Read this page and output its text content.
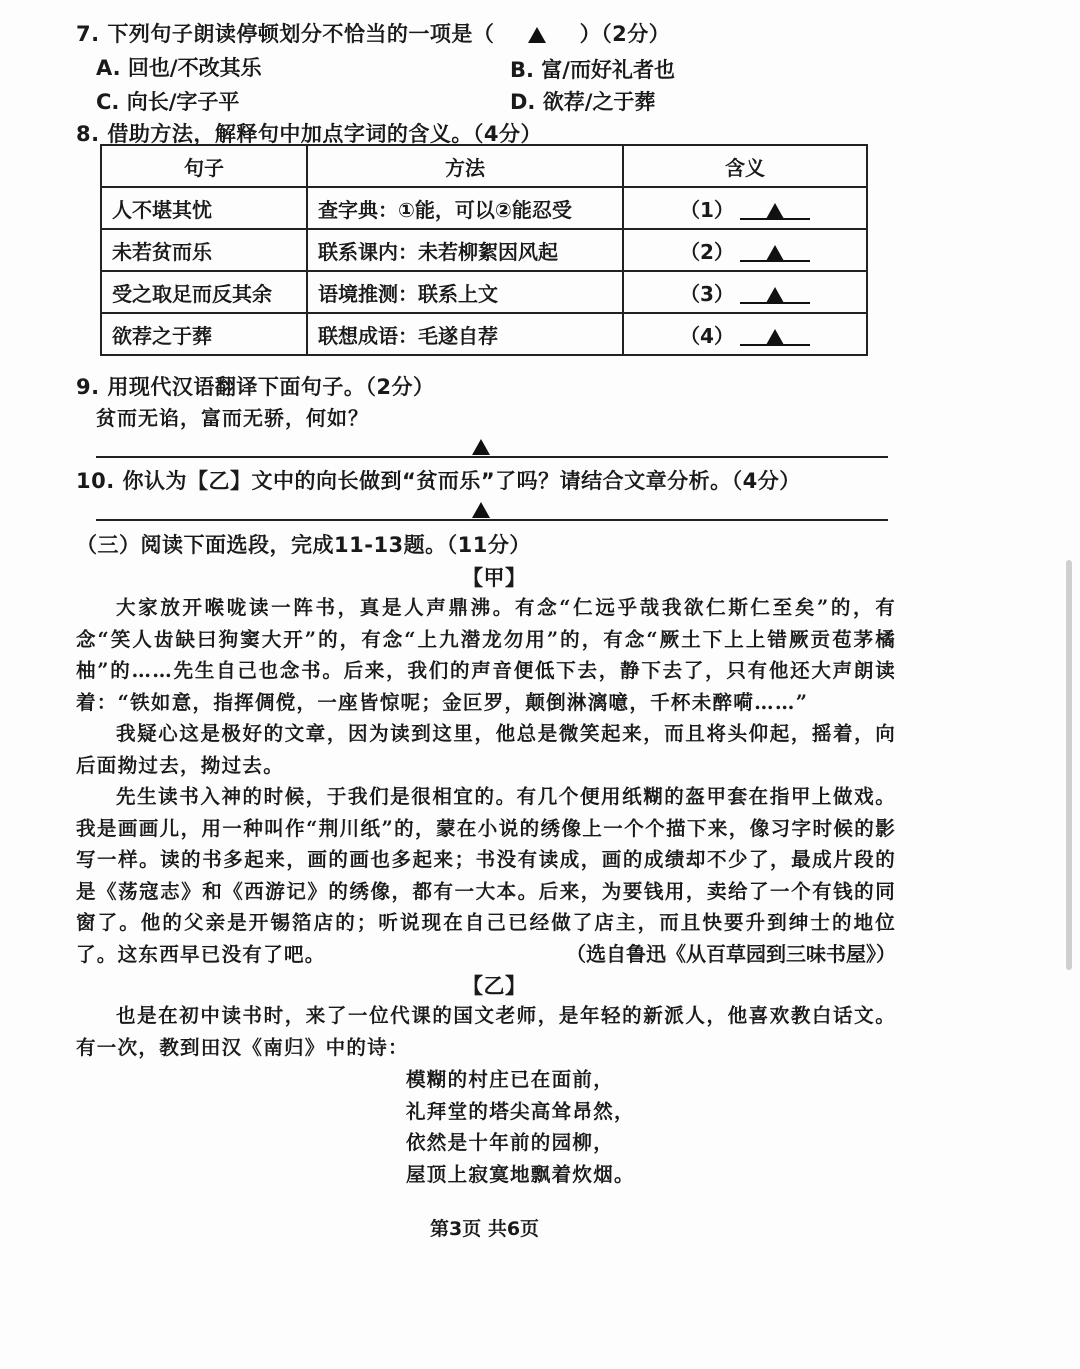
7. 下列句子朗读停顿划分不恰当的一项是（	）（2分）
A. 回也/不改其乐	B. 富/而好礼者也
C. 向长/字子平	D. 欲荐/之于葬
8. 借助方法，解释句中加点字词的含义。（4分）
句子	方法	含义
人不堪其忧	查字典：①能，可以②能忍受	（1）
未若贫而乐	联系课内：未若柳絮因风起	（2）
受之取足而反其余	语境推测：联系上文	（3）
欲荐之于葬	联想成语：毛遂自荐	（4）
9. 用现代汉语翻译下面句子。（2分）
贫而无谄，富而无骄，何如？
10. 你认为【乙】文中的向长做到“贫而乐”了吗？请结合文章分析。（4分）
（三）阅读下面选段，完成11-13题。（11分）
【甲】

大家放开喉咙读一阵书，真是人声鼎沸。有念“仁远乎哉我欲仁斯仁至矣”的，有念“笑人齿缺曰狗窦大开”的，有念“上九潜龙勿用”的，有念“厥土下上上错厥贡苞茅橘柚”的……先生自己也念书。后来，我们的声音便低下去，静下去了，只有他还大声朗读着：“铁如意，指挥倜傥，一座皆惊呢；金叵罗，颠倒淋漓噫，千杯未醉嗬……”

我疑心这是极好的文章，因为读到这里，他总是微笑起来，而且将头仰起，摇着，向后面拗过去，拗过去。

先生读书入神的时候，于我们是很相宜的。有几个便用纸糊的盔甲套在指甲上做戏。我是画画儿，用一种叫作“荆川纸”的，蒙在小说的绣像上一个个描下来，像习字时候的影写一样。读的书多起来，画的画也多起来；书没有读成，画的成绩却不少了，最成片段的是《荡寇志》和《西游记》的绣像，都有一大本。后来，为要钱用，卖给了一个有钱的同窗了。他的父亲是开锡箔店的；听说现在自己已经做了店主，而且快要升到绅士的地位了。这东西早已没有了吧。	（选自鲁迅《从百草园到三味书屋》）
【乙】

也是在初中读书时，来了一位代课的国文老师，是年轻的新派人，他喜欢教白话文。有一次，教到田汉《南归》中的诗：

模糊的村庄已在面前，
礼拜堂的塔尖高耸昂然，
依然是十年前的园柳，
屋顶上寂寞地飘着炊烟。
第3页 共6页
